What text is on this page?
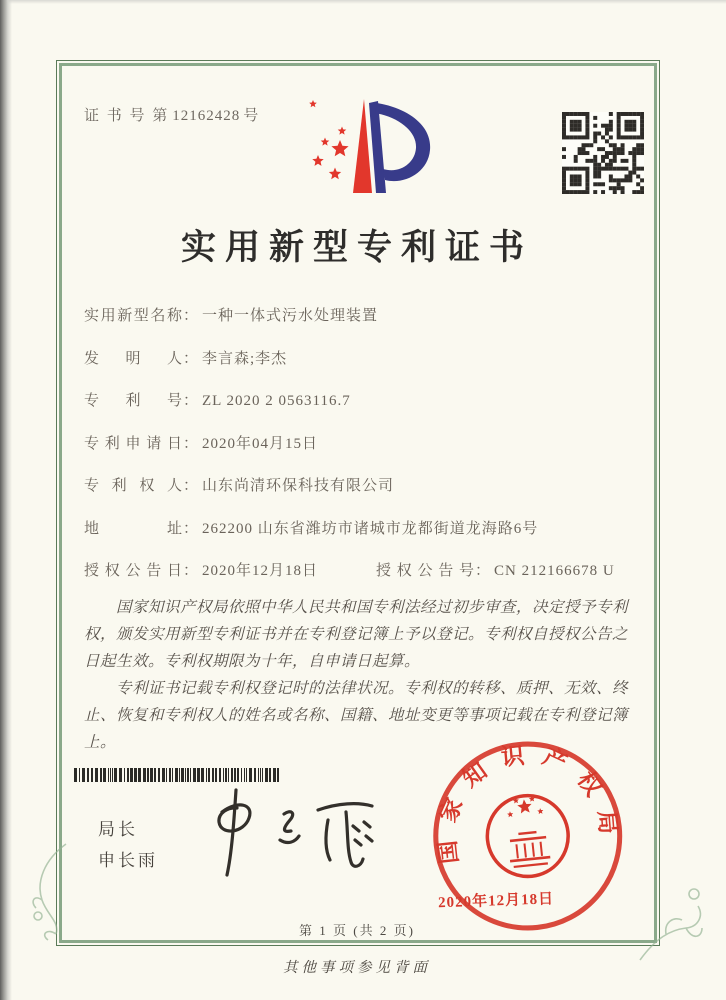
证 书 号 第 12162428 号
实用新型专利证书
实用新型名称： 一种一体式污水处理装置
发明人： 李言森;李杰
专利号： ZL 2020 2 0563116.7
专利申请日： 2020年04月15日
专利权人： 山东尚清环保科技有限公司
地址： 262200 山东省潍坊市诸城市龙都街道龙海路6号
授权公告日： 2020年12月18日	授权公告号： CN 212166678 U

国家知识产权局依照中华人民共和国专利法经过初步审查，决定授予专利权，颁发实用新型专利证书并在专利登记簿上予以登记。专利权自授权公告之日起生效。专利权期限为十年，自申请日起算。

专利证书记载专利权登记时的法律状况。专利权的转移、质押、无效、终止、恢复和专利权人的姓名或名称、国籍、地址变更等事项记载在专利登记簿上。

局长
申长雨	国家知识产权局
2020年12月18日
第 1 页 (共 2 页)
其他事项参见背面
